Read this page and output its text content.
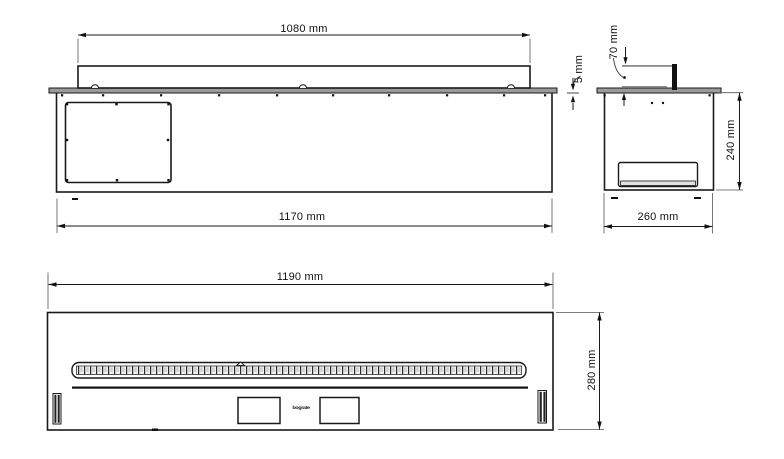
1080 mm
1170 mm
5 mm
70 mm
240 mm
260 mm
1190 mm
280 mm
bograte
